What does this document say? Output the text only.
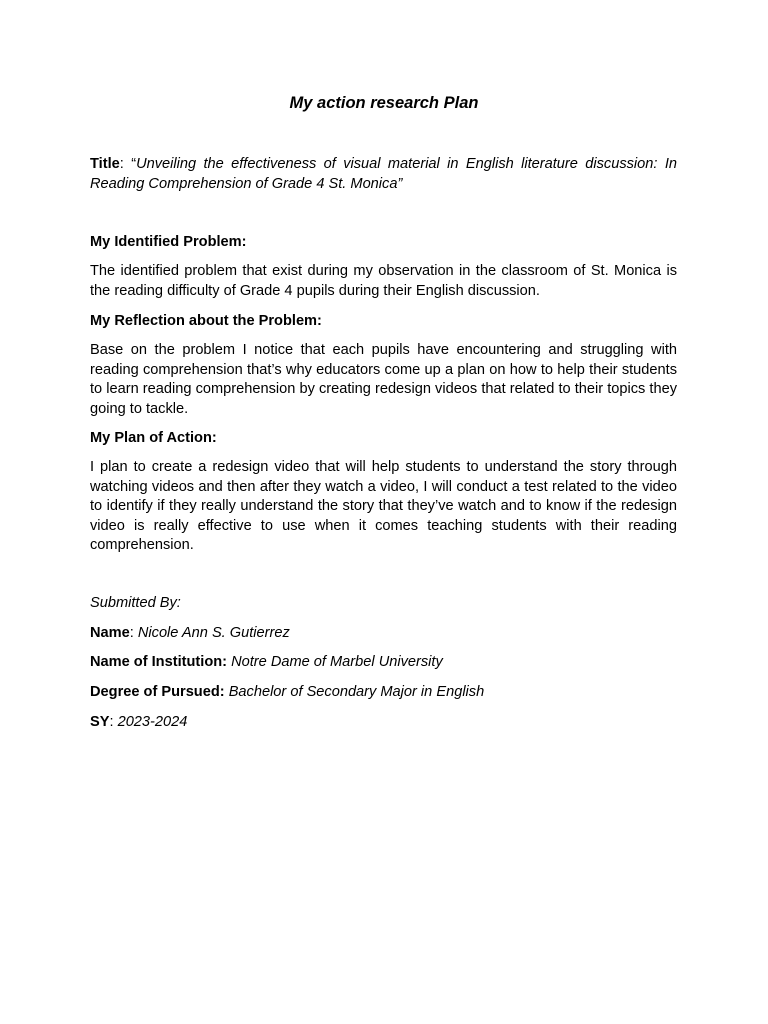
My action research Plan

Title: “Unveiling the effectiveness of visual material in English literature discussion: In Reading Comprehension of Grade 4 St. Monica”

My Identified Problem:

The identified problem that exist during my observation in the classroom of St. Monica is the reading difficulty of Grade 4 pupils during their English discussion.

My Reflection about the Problem:

Base on the problem I notice that each pupils have encountering and struggling with reading comprehension that’s why educators come up a plan on how to help their students to learn reading comprehension by creating redesign videos that related to their topics they going to tackle.

My Plan of Action:

I plan to create a redesign video that will help students to understand the story through watching videos and then after they watch a video, I will conduct a test related to the video to identify if they really understand the story that they’ve watch and to know if the redesign video is really effective to use when it comes teaching students with their reading comprehension.

Submitted By:

Name: Nicole Ann S. Gutierrez

Name of Institution: Notre Dame of Marbel University

Degree of Pursued: Bachelor of Secondary Major in English

SY: 2023-2024
